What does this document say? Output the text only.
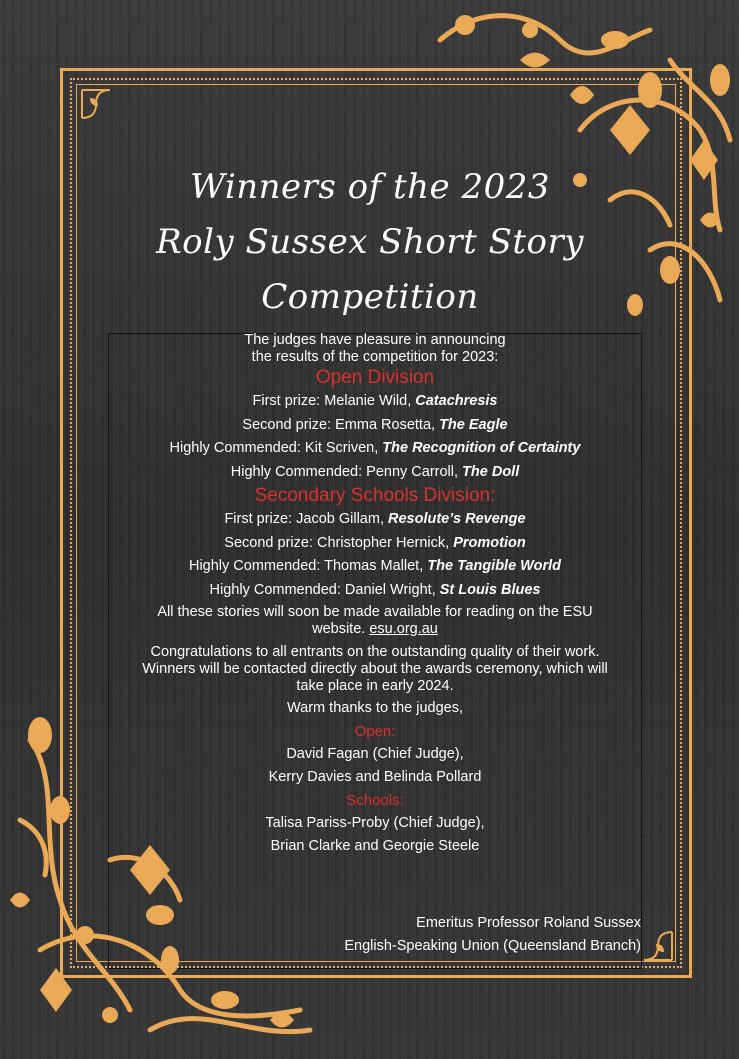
Winners of the 2023
Roly Sussex Short Story
Competition

The judges have pleasure in announcing

the results of the competition for 2023:

Open Division

First prize: Melanie Wild, Catachresis

Second prize: Emma Rosetta, The Eagle

Highly Commended: Kit Scriven, The Recognition of Certainty

Highly Commended: Penny Carroll, The Doll

Secondary Schools Division:

First prize: Jacob Gillam, Resolute’s Revenge

Second prize: Christopher Hernick, Promotion

Highly Commended: Thomas Mallet, The Tangible World

Highly Commended: Daniel Wright, St Louis Blues

All these stories will soon be made available for reading on the ESU

website. esu.org.au

Congratulations to all entrants on the outstanding quality of their work.

Winners will be contacted directly about the awards ceremony, which will

take place in early 2024.

Warm thanks to the judges,

Open:

David Fagan (Chief Judge),

Kerry Davies and Belinda Pollard

Schools:

Talisa Pariss-Proby (Chief Judge),

Brian Clarke and Georgie Steele

Emeritus Professor Roland Sussex
English-Speaking Union (Queensland Branch)
